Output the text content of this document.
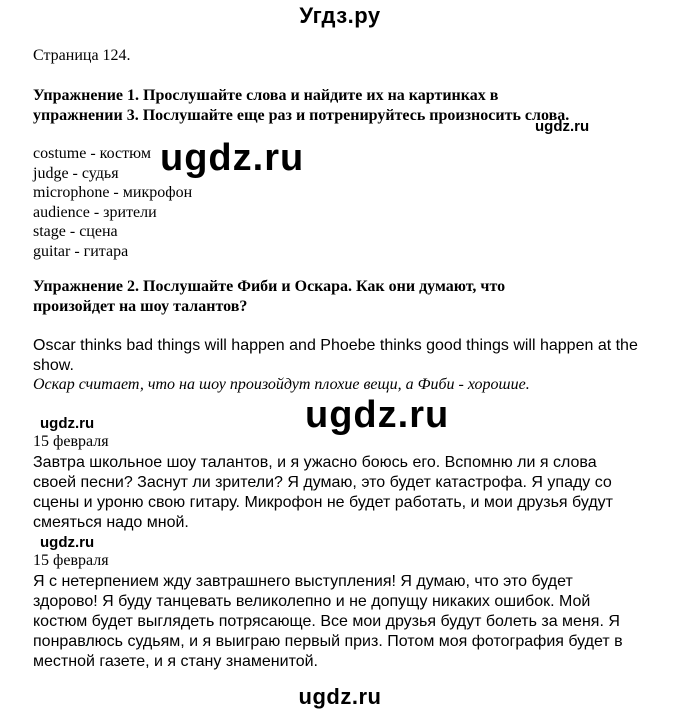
Угдз.ру
Страница 124.
Упражнение 1. Прослушайте слова и найдите их на картинках в
упражнении 3. Послушайте еще раз и потренируйтесь произносить слова.
ugdz.ru
costume - костюм
judge - судья
microphone - микрофон
audience - зрители
stage - сцена
guitar - гитара
ugdz.ru
Упражнение 2. Послушайте Фиби и Оскара. Как они думают, что
произойдет на шоу талантов?
Oscar thinks bad things will happen and Phoebe thinks good things will happen at the
show.
Оскар считает, что на шоу произойдут плохие вещи, а Фиби - хорошие.
ugdz.ru	ugdz.ru
15 февраля
Завтра школьное шоу талантов, и я ужасно боюсь его. Вспомню ли я слова
своей песни? Заснут ли зрители? Я думаю, это будет катастрофа. Я упаду со
сцены и уроню свою гитару. Микрофон не будет работать, и мои друзья будут
смеяться надо мной.
ugdz.ru
15 февраля
Я с нетерпением жду завтрашнего выступления! Я думаю, что это будет
здорово! Я буду танцевать великолепно и не допущу никаких ошибок. Мой
костюм будет выглядеть потрясающе. Все мои друзья будут болеть за меня. Я
понравлюсь судьям, и я выиграю первый приз. Потом моя фотография будет в
местной газете, и я стану знаменитой.
ugdz.ru
